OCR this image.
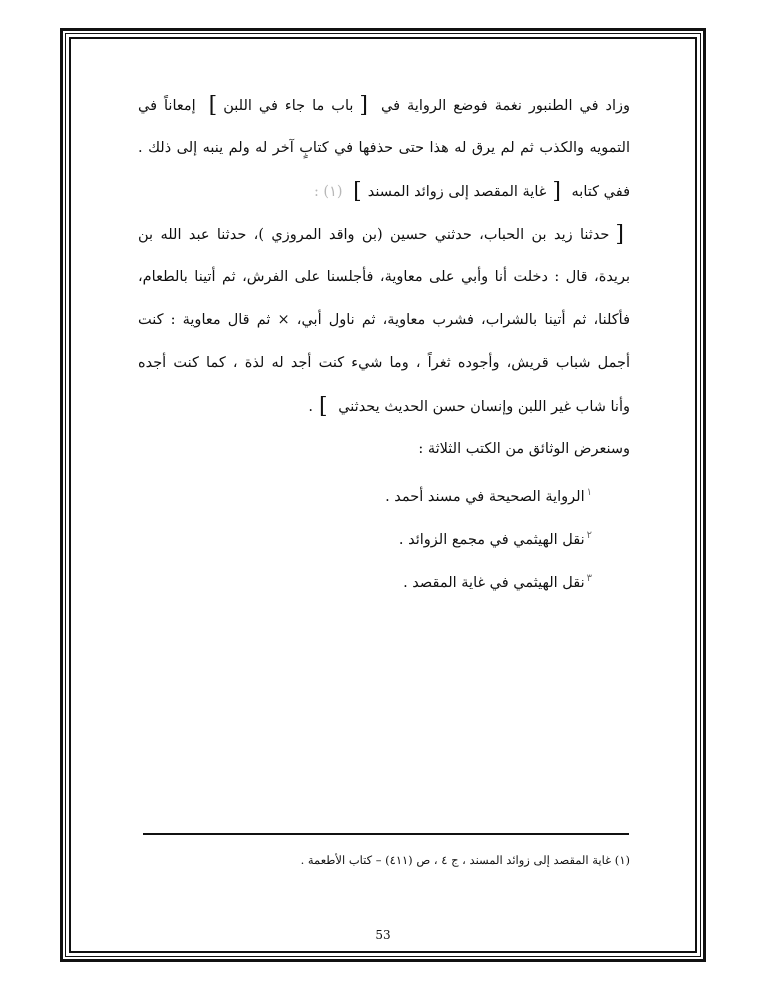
وزاد في الطنبور نغمة فوضع الرواية في [باب ما جاء في اللبن] إمعاناً في
التمويه والكذب ثم لم يرق له هذا حتى حذفها في كتابٍ آخر له ولم ينبه إلى ذلك .
ففي كتابه [غاية المقصد إلى زوائد المسند] (١) :
[حدثنا زيد بن الحباب، حدثني حسين (بن واقد المروزي )، حدثنا عبد الله بن
بريدة، قال : دخلت أنا وأبي على معاوية، فأجلسنا على الفرش، ثم أتينا بالطعام،
فأكلنا، ثم أتينا بالشراب، فشرب معاوية، ثم ناول أبي، × ثم قال معاوية : كنت
أجمل شباب قريش، وأجوده ثغراً ، وما شيء كنت أجد له لذة ، كما كنت أجده
وأنا شاب غير اللبن وإنسان حسن الحديث يحدثني ].
وسنعرض الوثائق من الكتب الثلاثة :
$^١$الرواية الصحيحة في مسند أحمد .
$^٢$نقل الهيثمي في مجمع الزوائد .
$^٣$نقل الهيثمي في غاية المقصد .
(١) غاية المقصد إلى زوائد المسند ، ج ٤ ، ص (٤١١) – كتاب الأطعمة .
53
